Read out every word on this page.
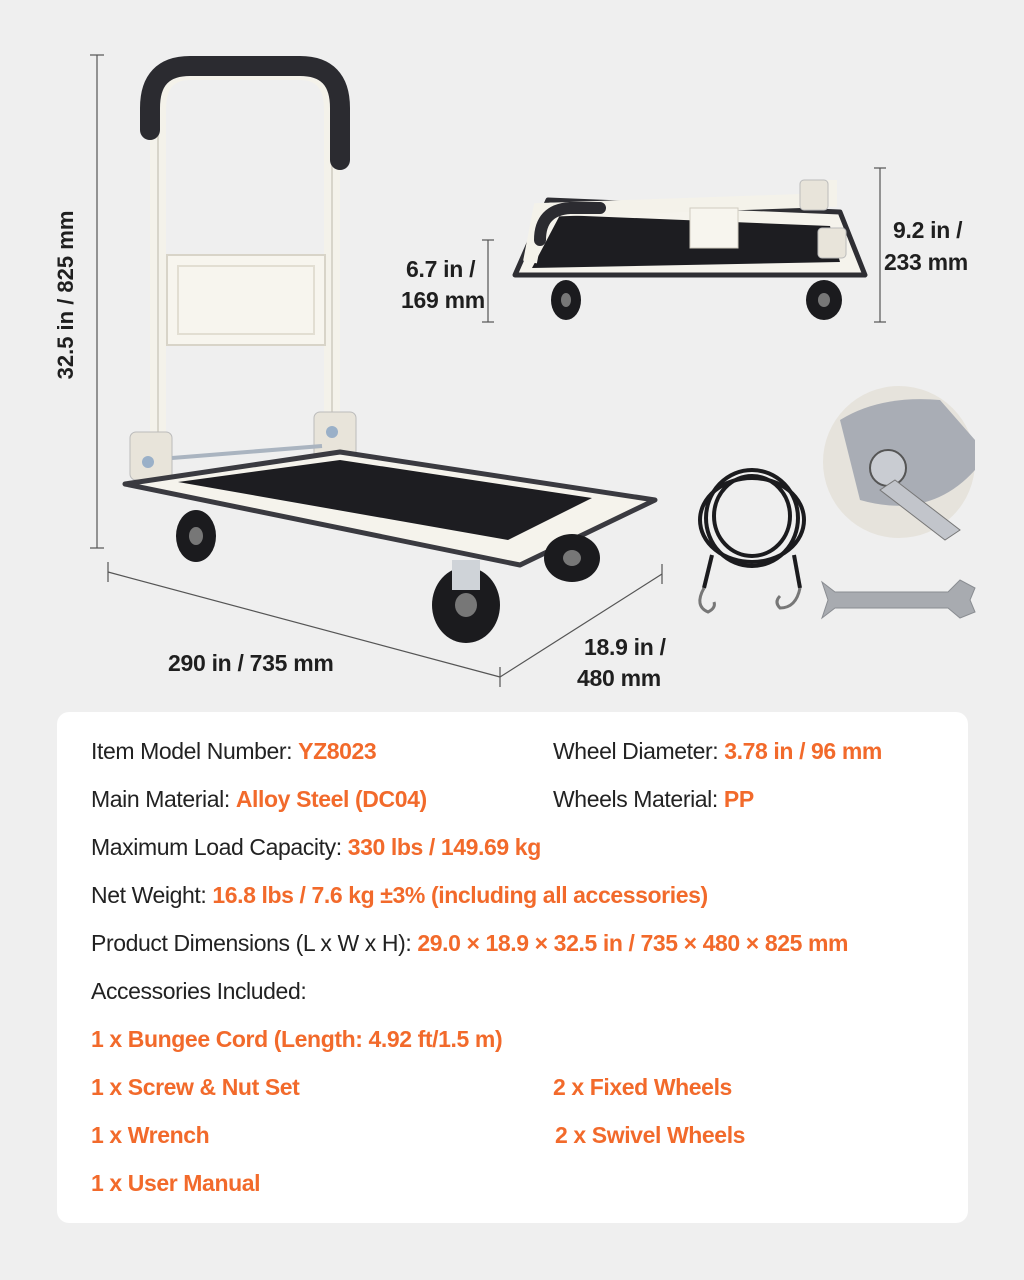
32.5 in / 825 mm
290 in / 735 mm
18.9 in /
480 mm
6.7 in /
169 mm
9.2 in /
233 mm
Item Model Number: YZ8023	Wheel Diameter: 3.78 in / 96 mm
Main Material: Alloy Steel (DC04)	Wheels Material: PP
Maximum Load Capacity: 330 lbs / 149.69 kg
Net Weight: 16.8 lbs / 7.6 kg ±3% (including all accessories)
Product Dimensions (L x W x H): 29.0 × 18.9 × 32.5 in / 735 × 480 × 825 mm
Accessories Included:
1 x Bungee Cord (Length: 4.92 ft/1.5 m)
1 x Screw & Nut Set	2 x Fixed Wheels
1 x Wrench	2 x Swivel Wheels
1 x User Manual
